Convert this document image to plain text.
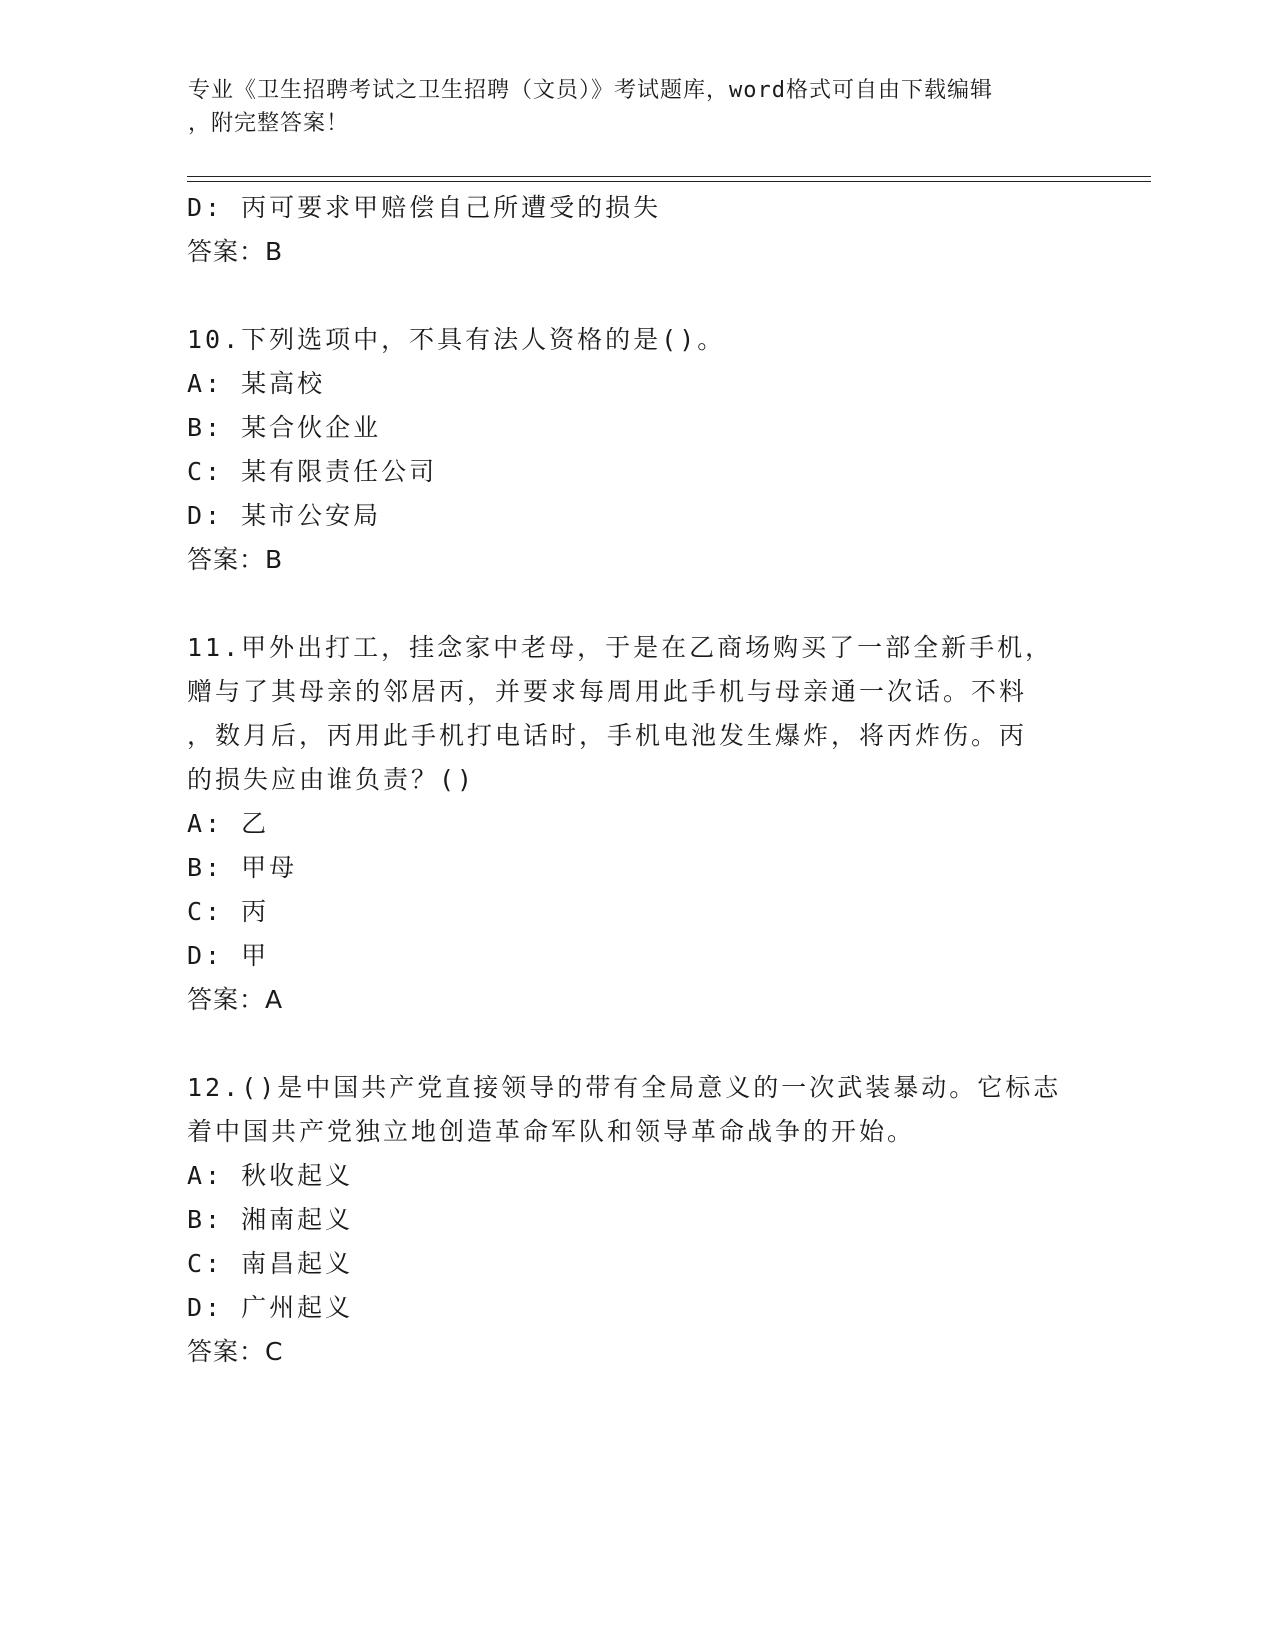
专业《卫生招聘考试之卫生招聘（文员）》考试题库，word格式可自由下载编辑

，附完整答案！

D: 丙可要求甲赔偿自己所遭受的损失
答案：B
10.下列选项中，不具有法人资格的是()。
A: 某高校
B: 某合伙企业
C: 某有限责任公司
D: 某市公安局
答案：B
11.甲外出打工，挂念家中老母，于是在乙商场购买了一部全新手机，
赠与了其母亲的邻居丙，并要求每周用此手机与母亲通一次话。不料
，数月后，丙用此手机打电话时，手机电池发生爆炸，将丙炸伤。丙
的损失应由谁负责？()
A: 乙
B: 甲母
C: 丙
D: 甲
答案：A
12.()是中国共产党直接领导的带有全局意义的一次武装暴动。它标志
着中国共产党独立地创造革命军队和领导革命战争的开始。
A: 秋收起义
B: 湘南起义
C: 南昌起义
D: 广州起义
答案：C
